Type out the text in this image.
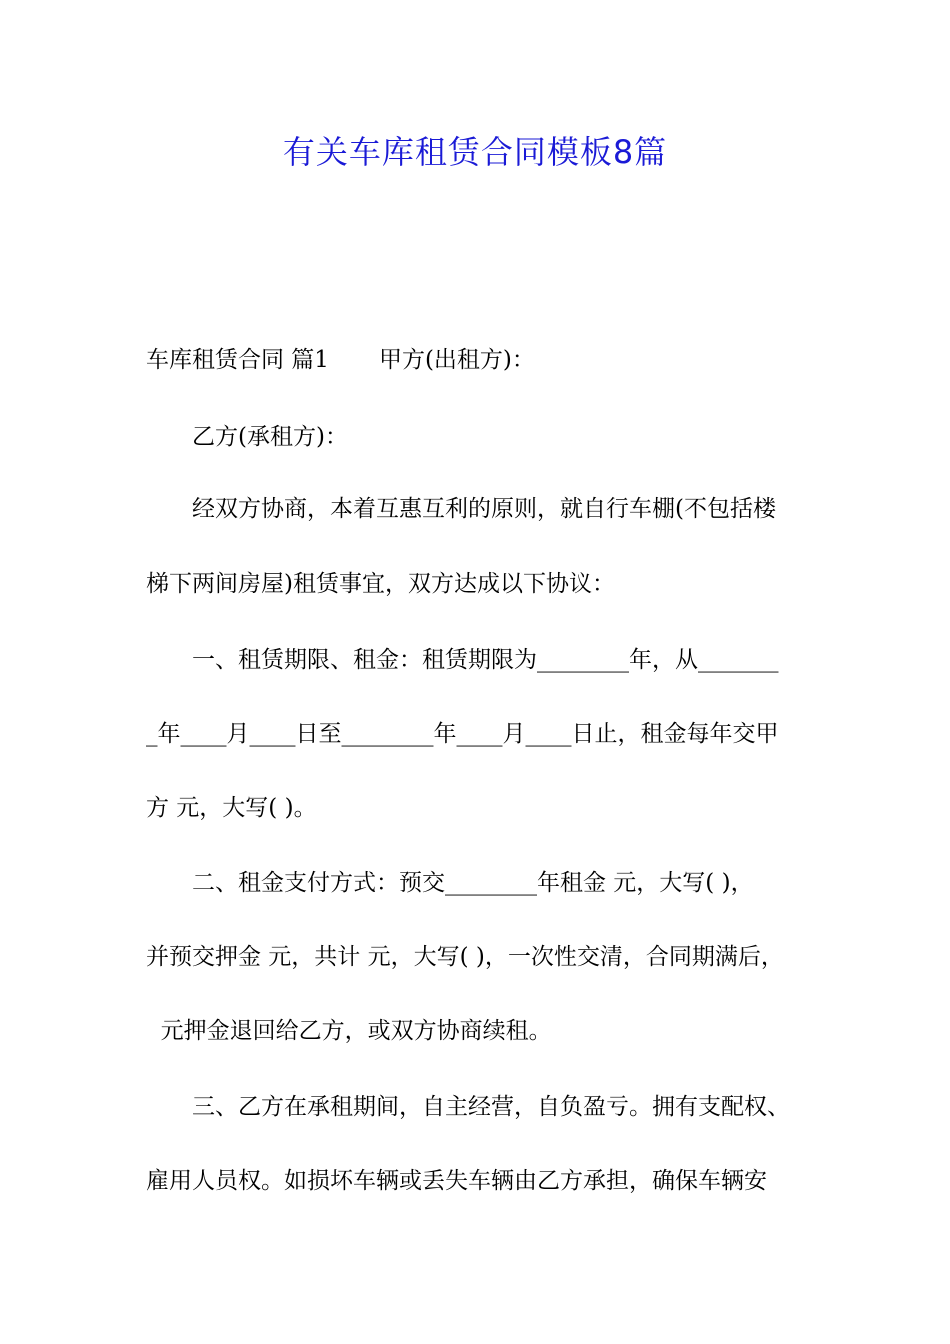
有关车库租赁合同模板8篇
车库租赁合同 篇1 甲方(出租方)：
乙方(承租方)：
经双方协商，本着互惠互利的原则，就自行车棚(不包括楼
梯下两间房屋)租赁事宜，双方达成以下协议：
一、租赁期限、租金：租赁期限为________年，从_______
_年____月____日至________年____月____日止，租金每年交甲
方 元，大写( )。
二、租金支付方式：预交________年租金 元，大写( )，
并预交押金 元，共计 元，大写( )，一次性交清，合同期满后，
元押金退回给乙方，或双方协商续租。
三、乙方在承租期间，自主经营，自负盈亏。拥有支配权、
雇用人员权。如损坏车辆或丢失车辆由乙方承担，确保车辆安
